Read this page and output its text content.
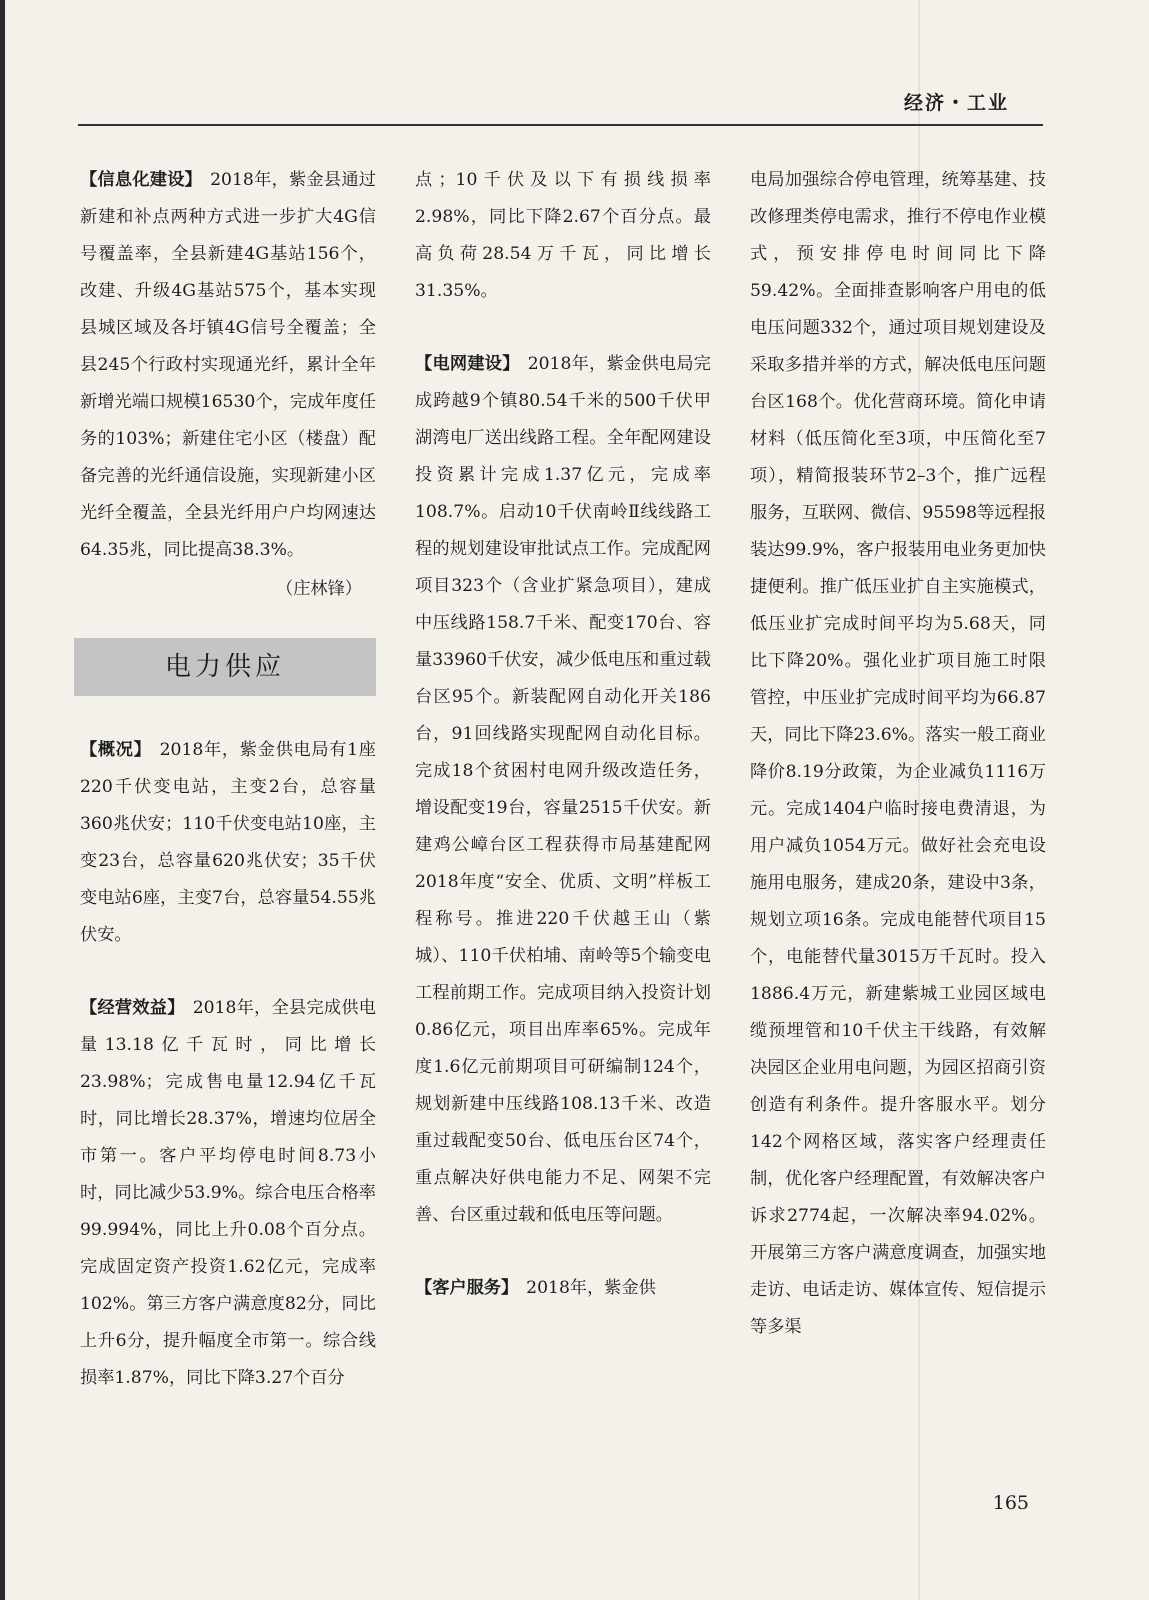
经济・工业

【信息化建设】 2018年，紫金县通过新建和补点两种方式进一步扩大4G信号覆盖率，全县新建4G基站156个，改建、升级4G基站575个，基本实现县城区域及各圩镇4G信号全覆盖；全县245个行政村实现通光纤，累计全年新增光端口规模16530个，完成年度任务的103%；新建住宅小区（楼盘）配备完善的光纤通信设施，实现新建小区光纤全覆盖，全县光纤用户户均网速达64.35兆，同比提高38.3%。

（庄林锋）

电力供应

【概况】 2018年，紫金供电局有1座220千伏变电站，主变2台，总容量360兆伏安；110千伏变电站10座，主变23台，总容量620兆伏安；35千伏变电站6座，主变7台，总容量54.55兆伏安。

【经营效益】 2018年，全县完成供电量13.18亿千瓦时，同比增长23.98%；完成售电量12.94亿千瓦时，同比增长28.37%，增速均位居全市第一。客户平均停电时间8.73小时，同比减少53.9%。综合电压合格率99.994%，同比上升0.08个百分点。完成固定资产投资1.62亿元，完成率102%。第三方客户满意度82分，同比上升6分，提升幅度全市第一。综合线损率1.87%，同比下降3.27个百分

点；10千伏及以下有损线损率2.98%，同比下降2.67个百分点。最高负荷28.54万千瓦，同比增长31.35%。

【电网建设】 2018年，紫金供电局完成跨越9个镇80.54千米的500千伏甲湖湾电厂送出线路工程。全年配网建设投资累计完成1.37亿元，完成率108.7%。启动10千伏南岭Ⅱ线线路工程的规划建设审批试点工作。完成配网项目323个（含业扩紧急项目），建成中压线路158.7千米、配变170台、容量33960千伏安，减少低电压和重过载台区95个。新装配网自动化开关186台，91回线路实现配网自动化目标。完成18个贫困村电网升级改造任务，增设配变19台，容量2515千伏安。新建鸡公嶂台区工程获得市局基建配网2018年度“安全、优质、文明”样板工程称号。推进220千伏越王山（紫城）、110千伏柏埔、南岭等5个输变电工程前期工作。完成项目纳入投资计划0.86亿元，项目出库率65%。完成年度1.6亿元前期项目可研编制124个，规划新建中压线路108.13千米、改造重过载配变50台、低电压台区74个，重点解决好供电能力不足、网架不完善、台区重过载和低电压等问题。

【客户服务】 2018年，紫金供

电局加强综合停电管理，统筹基建、技改修理类停电需求，推行不停电作业模式，预安排停电时间同比下降59.42%。全面排查影响客户用电的低电压问题332个，通过项目规划建设及采取多措并举的方式，解决低电压问题台区168个。优化营商环境。简化申请材料（低压简化至3项，中压简化至7项），精简报装环节2–3个，推广远程服务，互联网、微信、95598等远程报装达99.9%，客户报装用电业务更加快捷便利。推广低压业扩自主实施模式，低压业扩完成时间平均为5.68天，同比下降20%。强化业扩项目施工时限管控，中压业扩完成时间平均为66.87天，同比下降23.6%。落实一般工商业降价8.19分政策，为企业减负1116万元。完成1404户临时接电费清退，为用户减负1054万元。做好社会充电设施用电服务，建成20条，建设中3条，规划立项16条。完成电能替代项目15个，电能替代量3015万千瓦时。投入1886.4万元，新建紫城工业园区域电缆预埋管和10千伏主干线路，有效解决园区企业用电问题，为园区招商引资创造有利条件。提升客服水平。划分142个网格区域，落实客户经理责任制，优化客户经理配置，有效解决客户诉求2774起，一次解决率94.02%。开展第三方客户满意度调查，加强实地走访、电话走访、媒体宣传、短信提示等多渠

165
